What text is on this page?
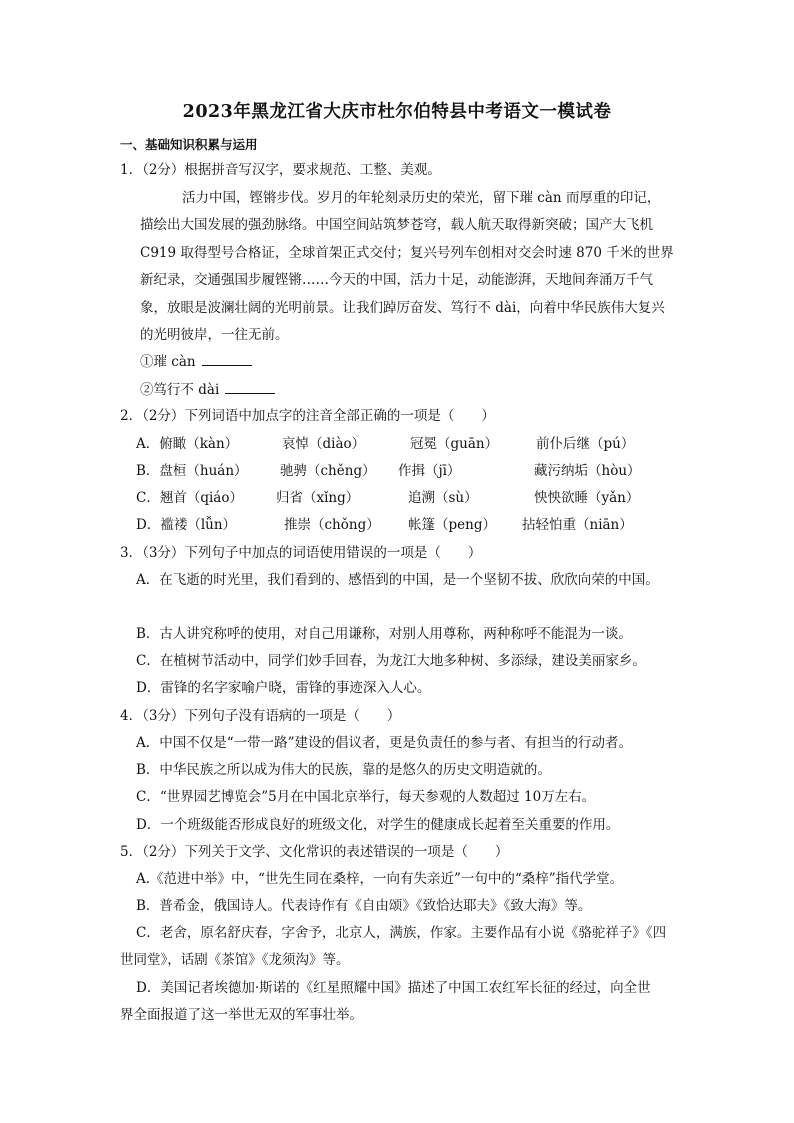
2023年黑龙江省大庆市杜尔伯特县中考语文一模试卷
一、基础知识积累与运用
1．（2分）根据拼音写汉字，要求规范、工整、美观。
活力中国，铿锵步伐。岁月的年轮刻录历史的荣光，留下璀 càn 而厚重的印记，
描绘出大国发展的强劲脉络。中国空间站筑梦苍穹，载人航天取得新突破；国产大飞机
C919 取得型号合格证，全球首架正式交付；复兴号列车创相对交会时速 870 千米的世界
新纪录，交通强国步履铿锵……今天的中国，活力十足，动能澎湃，天地间奔涌万千气
象，放眼是波澜壮阔的光明前景。让我们踔厉奋发、笃行不 dài，向着中华民族伟大复兴
的光明彼岸，一往无前。
①璀 càn
②笃行不 dài
2．（2分）下列词语中加点字的注音全部正确的一项是（　　）
A．俯瞰（kàn）	哀悼（diào）	冠冕（guān）	前仆后继（pú）
B．盘桓（huán） 驰骋（chěng） 作揖（jī）	藏污纳垢（hòu）
C．翘首（qiáo） 归省（xǐng）	追溯（sù）	怏怏欲睡（yǎn）
D．褴褛（lǚn）	推崇（chǒng） 帐篷（peng） 拈轻怕重（niān）
3．（3分）下列句子中加点的词语使用错误的一项是（　　）
A．在飞逝的时光里，我们看到的、感悟到的中国，是一个坚韧不拔、欣欣向荣的中国。
B．古人讲究称呼的使用，对自己用谦称，对别人用尊称，两种称呼不能混为一谈。
C．在植树节活动中，同学们妙手回春，为龙江大地多种树、多添绿，建设美丽家乡。
D．雷锋的名字家喻户晓，雷锋的事迹深入人心。
4．（3分）下列句子没有语病的一项是（　　）
A．中国不仅是“一带一路”建设的倡议者，更是负责任的参与者、有担当的行动者。
B．中华民族之所以成为伟大的民族，靠的是悠久的历史文明造就的。
C．“世界园艺博览会”5月在中国北京举行，每天参观的人数超过 10万左右。
D．一个班级能否形成良好的班级文化，对学生的健康成长起着至关重要的作用。
5．（2分）下列关于文学、文化常识的表述错误的一项是（　　）
A.《范进中举》中，“世先生同在桑梓，一向有失亲近”一句中的“桑梓”指代学堂。
B．普希金，俄国诗人。代表诗作有《自由颂》《致恰达耶夫》《致大海》等。
C．老舍，原名舒庆春，字舍予，北京人，满族，作家。主要作品有小说《骆驼祥子》《四
世同堂》，话剧《茶馆》《龙须沟》等。
D．美国记者埃德加·斯诺的《红星照耀中国》描述了中国工农红军长征的经过，向全世
界全面报道了这一举世无双的军事壮举。
